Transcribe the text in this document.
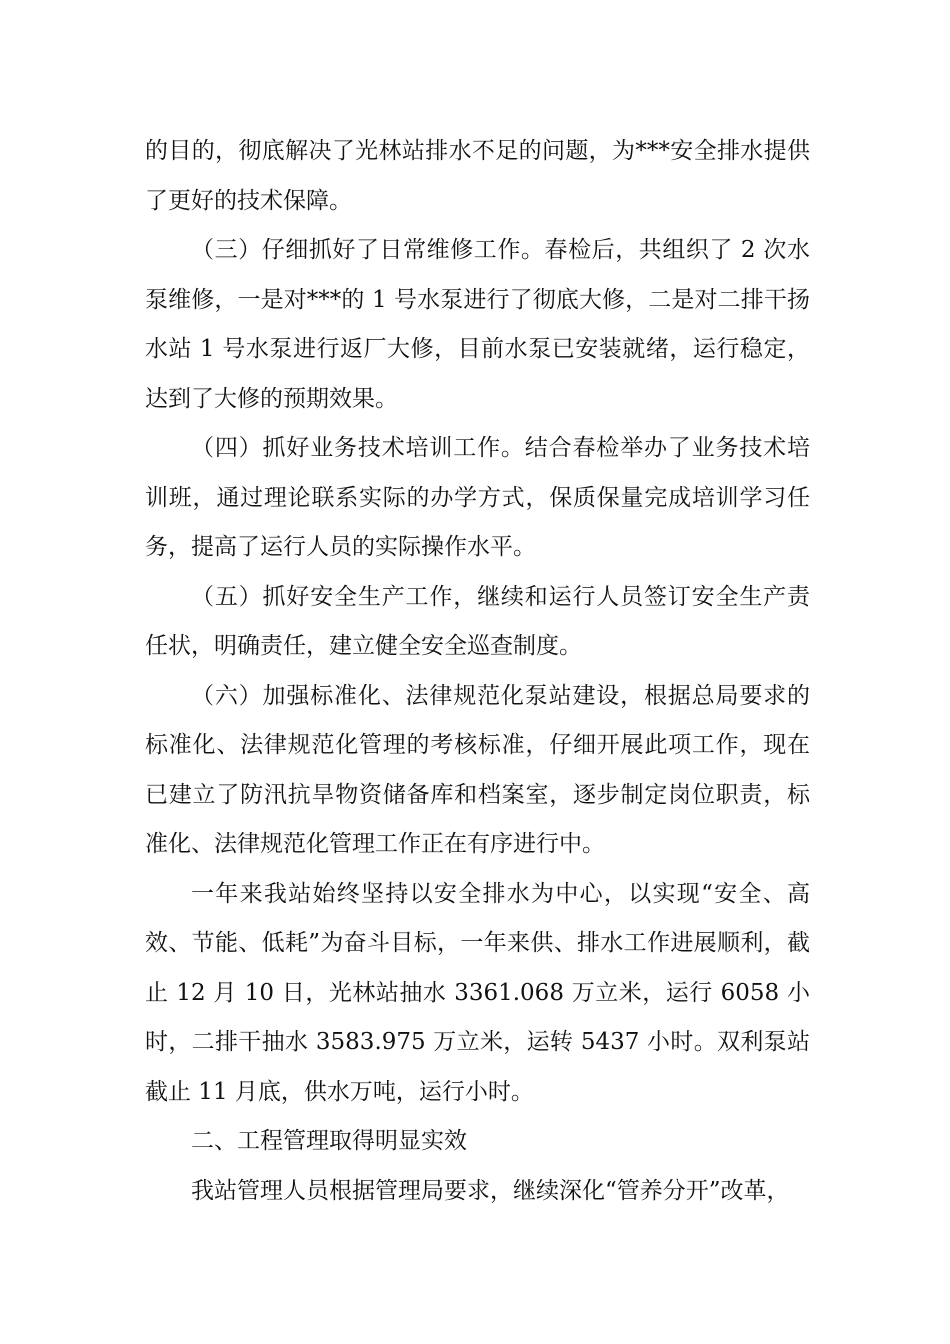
的目的，彻底解决了光林站排水不足的问题，为***安全排水提供了更好的技术保障。

（三）仔细抓好了日常维修工作。春检后，共组织了 2 次水泵维修，一是对***的 1 号水泵进行了彻底大修，二是对二排干扬水站 1 号水泵进行返厂大修，目前水泵已安装就绪，运行稳定，达到了大修的预期效果。

（四）抓好业务技术培训工作。结合春检举办了业务技术培训班，通过理论联系实际的办学方式，保质保量完成培训学习任务，提高了运行人员的实际操作水平。

（五）抓好安全生产工作，继续和运行人员签订安全生产责任状，明确责任，建立健全安全巡查制度。

（六）加强标准化、法律规范化泵站建设，根据总局要求的标准化、法律规范化管理的考核标准，仔细开展此项工作，现在已建立了防汛抗旱物资储备库和档案室，逐步制定岗位职责，标准化、法律规范化管理工作正在有序进行中。

一年来我站始终坚持以安全排水为中心，以实现“安全、高效、节能、低耗”为奋斗目标，一年来供、排水工作进展顺利，截止 12 月 10 日，光林站抽水 3361.068 万立米，运行 6058 小时，二排干抽水 3583.975 万立米，运转 5437 小时。双利泵站截止 11 月底，供水万吨，运行小时。

二、工程管理取得明显实效

我站管理人员根据管理局要求，继续深化“管养分开”改革，
